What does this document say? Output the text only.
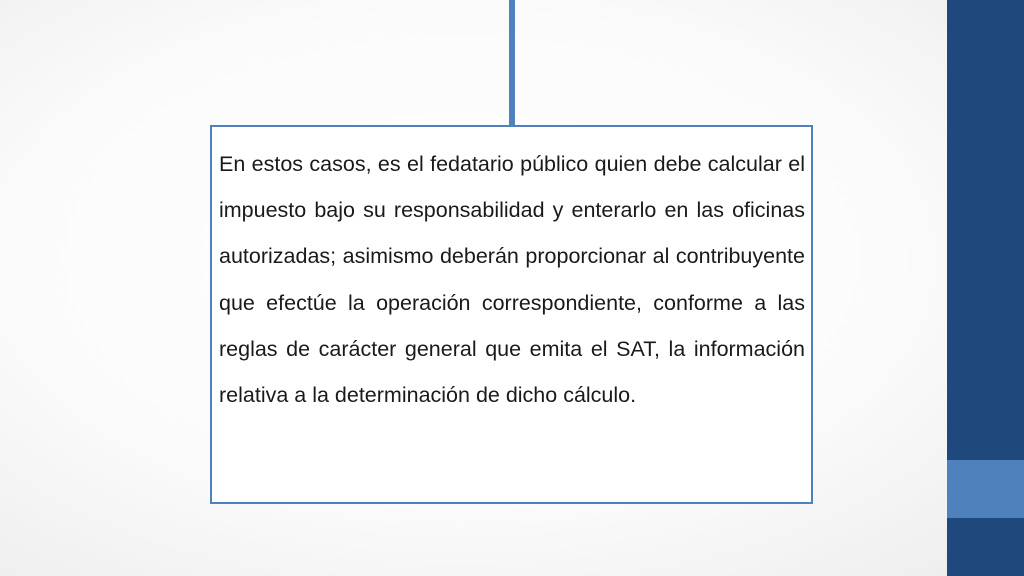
En estos casos, es el fedatario público quien debe calcular el impuesto bajo su responsabilidad y enterarlo en las oficinas autorizadas; asimismo deberán proporcionar al contribuyente que efectúe la operación correspondiente, conforme a las reglas de carácter general que emita el SAT, la información relativa a la determinación de dicho cálculo.
